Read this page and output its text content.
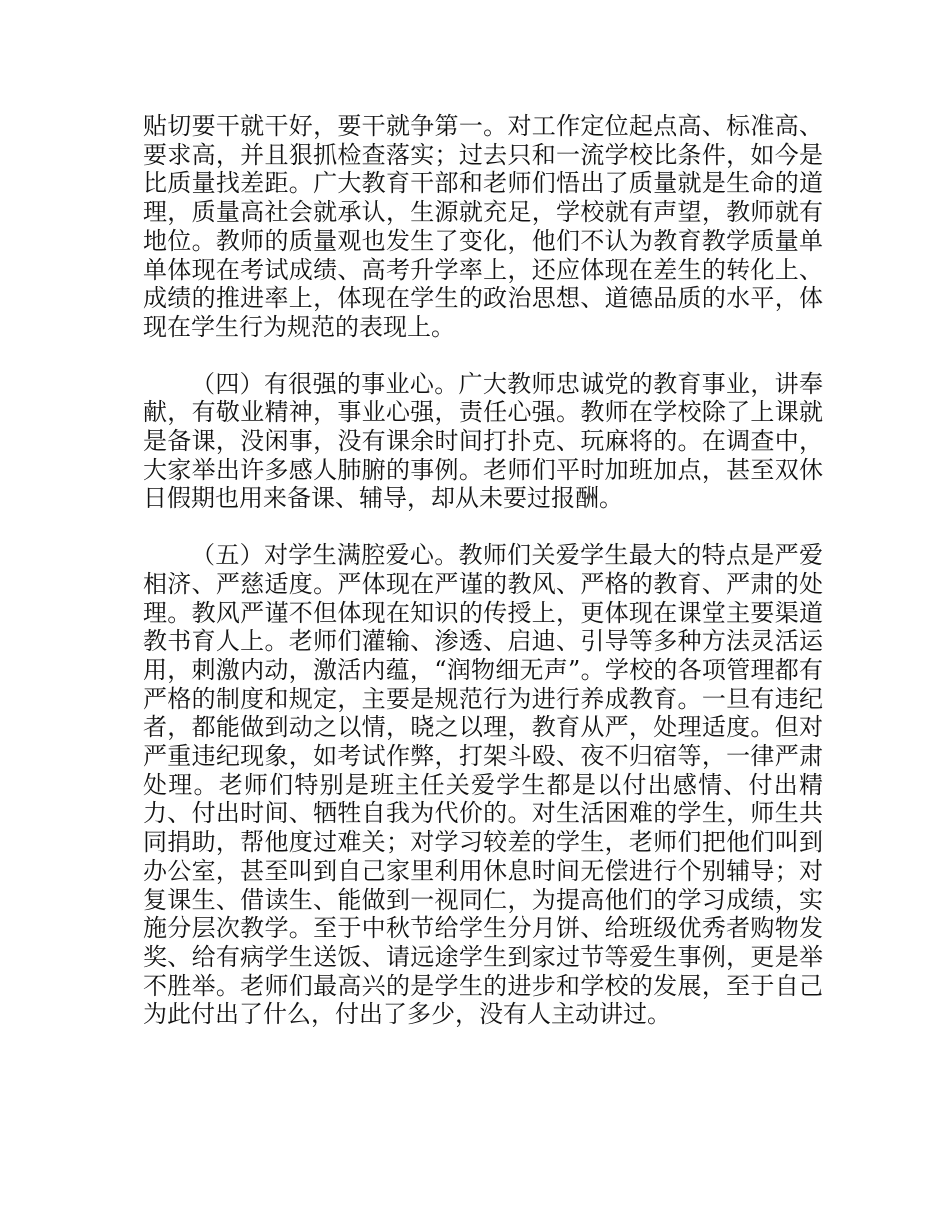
贴切要干就干好，要干就争第一。对工作定位起点高、标准高、要求高，并且狠抓检查落实；过去只和一流学校比条件，如今是比质量找差距。广大教育干部和老师们悟出了质量就是生命的道理，质量高社会就承认，生源就充足，学校就有声望，教师就有地位。教师的质量观也发生了变化，他们不认为教育教学质量单单体现在考试成绩、高考升学率上，还应体现在差生的转化上、成绩的推进率上，体现在学生的政治思想、道德品质的水平，体现在学生行为规范的表现上。

（四）有很强的事业心。广大教师忠诚党的教育事业，讲奉献，有敬业精神，事业心强，责任心强。教师在学校除了上课就是备课，没闲事，没有课余时间打扑克、玩麻将的。在调查中，大家举出许多感人肺腑的事例。老师们平时加班加点，甚至双休日假期也用来备课、辅导，却从未要过报酬。

（五）对学生满腔爱心。教师们关爱学生最大的特点是严爱相济、严慈适度。严体现在严谨的教风、严格的教育、严肃的处理。教风严谨不但体现在知识的传授上，更体现在课堂主要渠道教书育人上。老师们灌输、渗透、启迪、引导等多种方法灵活运用，刺激内动，激活内蕴，“润物细无声”。学校的各项管理都有严格的制度和规定，主要是规范行为进行养成教育。一旦有违纪者，都能做到动之以情，晓之以理，教育从严，处理适度。但对严重违纪现象，如考试作弊，打架斗殴、夜不归宿等，一律严肃处理。老师们特别是班主任关爱学生都是以付出感情、付出精力、付出时间、牺牲自我为代价的。对生活困难的学生，师生共同捐助，帮他度过难关；对学习较差的学生，老师们把他们叫到办公室，甚至叫到自己家里利用休息时间无偿进行个别辅导；对复课生、借读生、能做到一视同仁，为提高他们的学习成绩，实施分层次教学。至于中秋节给学生分月饼、给班级优秀者购物发奖、给有病学生送饭、请远途学生到家过节等爱生事例，更是举不胜举。老师们最高兴的是学生的进步和学校的发展，至于自己为此付出了什么，付出了多少，没有人主动讲过。
